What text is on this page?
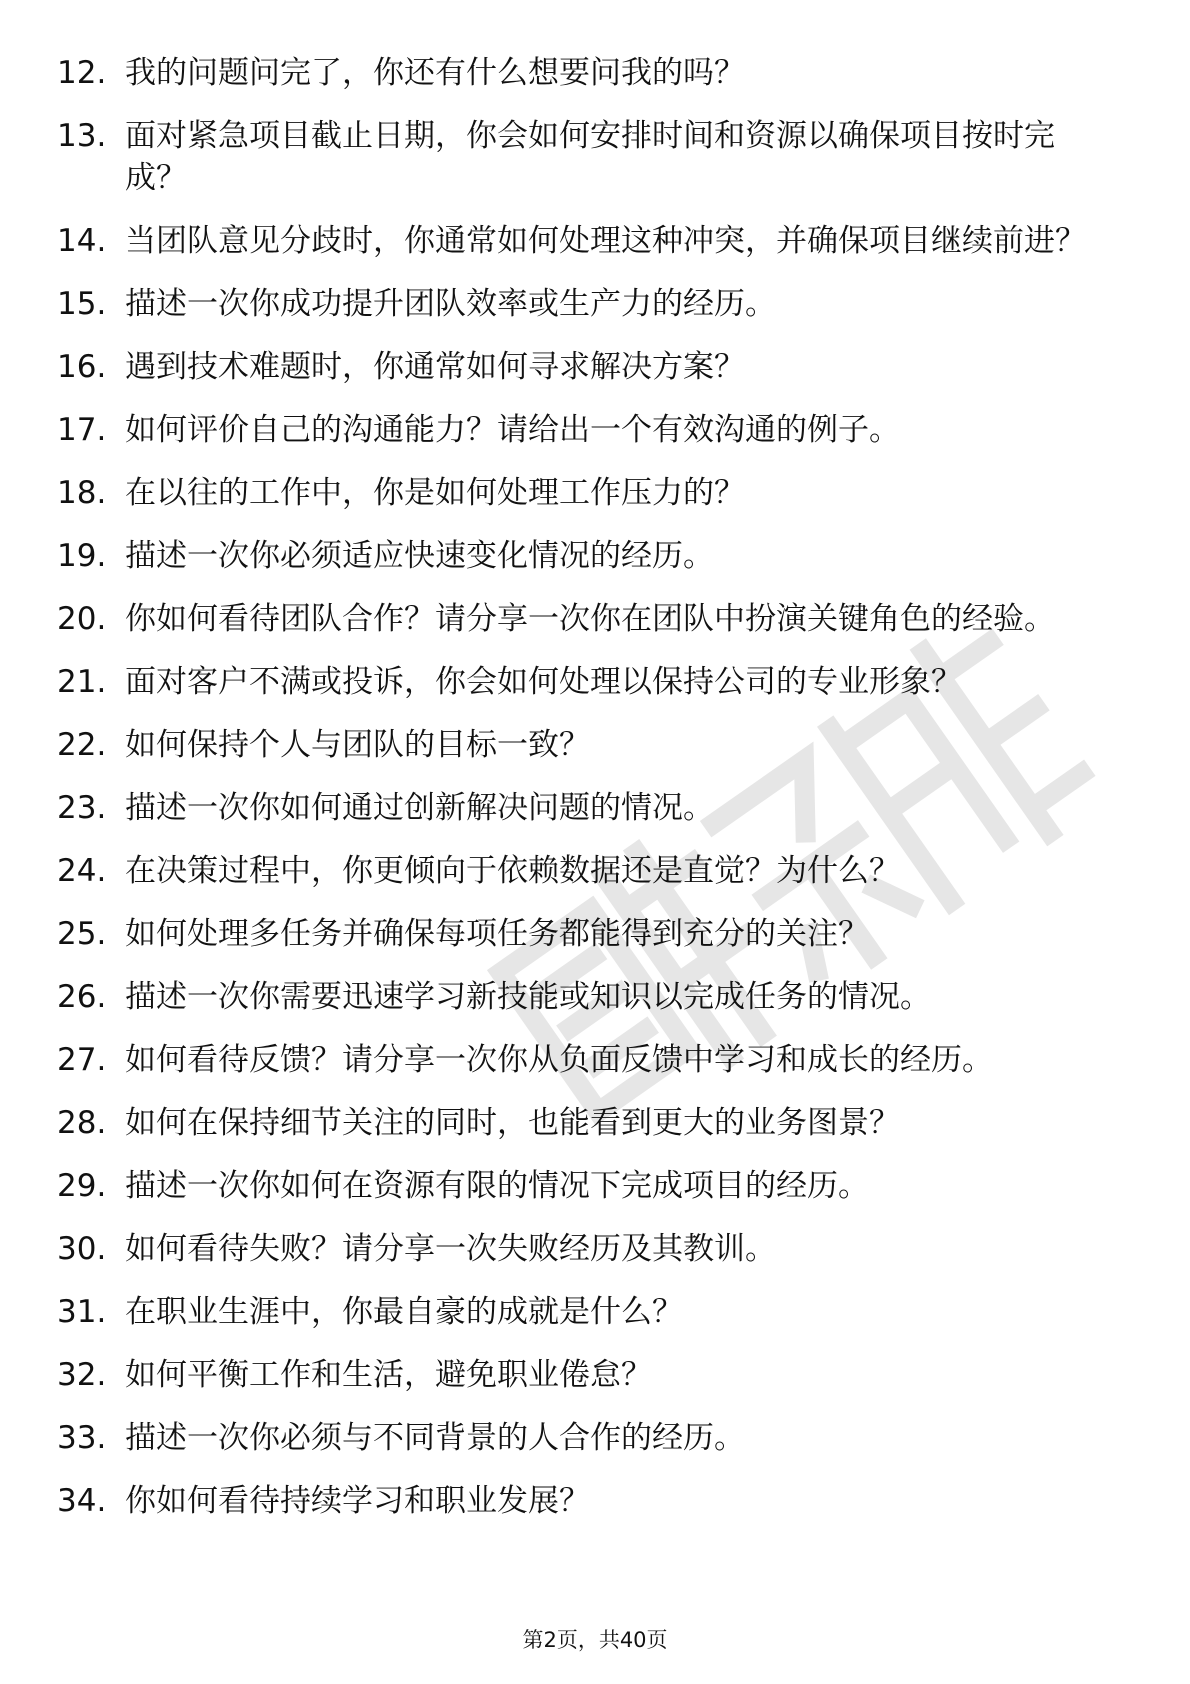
12. 我的问题问完了，你还有什么想要问我的吗？
13. 面对紧急项目截止日期，你会如何安排时间和资源以确保项目按时完成？
14. 当团队意见分歧时，你通常如何处理这种冲突，并确保项目继续前进？
15. 描述一次你成功提升团队效率或生产力的经历。
16. 遇到技术难题时，你通常如何寻求解决方案？
17. 如何评价自己的沟通能力？请给出一个有效沟通的例子。
18. 在以往的工作中，你是如何处理工作压力的？
19. 描述一次你必须适应快速变化情况的经历。
20. 你如何看待团队合作？请分享一次你在团队中扮演关键角色的经验。
21. 面对客户不满或投诉，你会如何处理以保持公司的专业形象？
22. 如何保持个人与团队的目标一致？
23. 描述一次你如何通过创新解决问题的情况。
24. 在决策过程中，你更倾向于依赖数据还是直觉？为什么？
25. 如何处理多任务并确保每项任务都能得到充分的关注？
26. 描述一次你需要迅速学习新技能或知识以完成任务的情况。
27. 如何看待反馈？请分享一次你从负面反馈中学习和成长的经历。
28. 如何在保持细节关注的同时，也能看到更大的业务图景？
29. 描述一次你如何在资源有限的情况下完成项目的经历。
30. 如何看待失败？请分享一次失败经历及其教训。
31. 在职业生涯中，你最自豪的成就是什么？
32. 如何平衡工作和生活，避免职业倦怠？
33. 描述一次你必须与不同背景的人合作的经历。
34. 你如何看待持续学习和职业发展？
第2页，共40页
